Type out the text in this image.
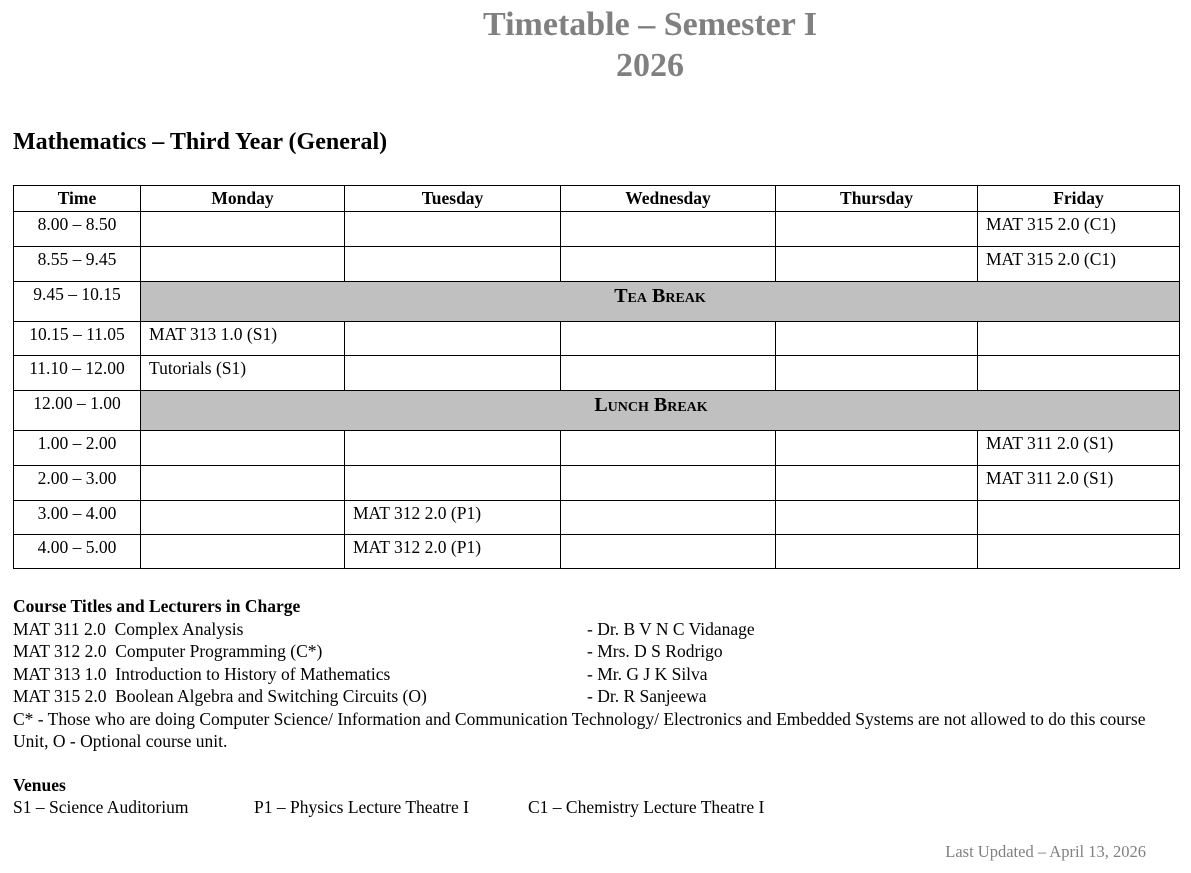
Timetable – Semester I
2026
Mathematics – Third Year (General)
Time	Monday	Tuesday	Wednesday	Thursday	Friday
8.00 – 8.50					MAT 315 2.0 (C1)
8.55 – 9.45					MAT 315 2.0 (C1)
9.45 – 10.15	Tea Break				
10.15 – 11.05	MAT 313 1.0 (S1)				
11.10 – 12.00	Tutorials (S1)				
12.00 – 1.00	Lunch Break				
1.00 – 2.00					MAT 311 2.0 (S1)
2.00 – 3.00					MAT 311 2.0 (S1)
3.00 – 4.00		MAT 312 2.0 (P1)			
4.00 – 5.00		MAT 312 2.0 (P1)			
Course Titles and Lecturers in Charge
MAT 311 2.0  Complex Analysis	- Dr. B V N C Vidanage
MAT 312 2.0  Computer Programming (C*)	- Mrs. D S Rodrigo
MAT 313 1.0  Introduction to History of Mathematics	- Mr. G J K Silva
MAT 315 2.0  Boolean Algebra and Switching Circuits (O)	- Dr. R Sanjeewa
C* - Those who are doing Computer Science/ Information and Communication Technology/ Electronics and Embedded Systems are not allowed to do this course Unit, O - Optional course unit.
Venues
S1 – Science Auditorium	P1 – Physics Lecture Theatre I	C1 – Chemistry Lecture Theatre I
Last Updated – April 13, 2026
